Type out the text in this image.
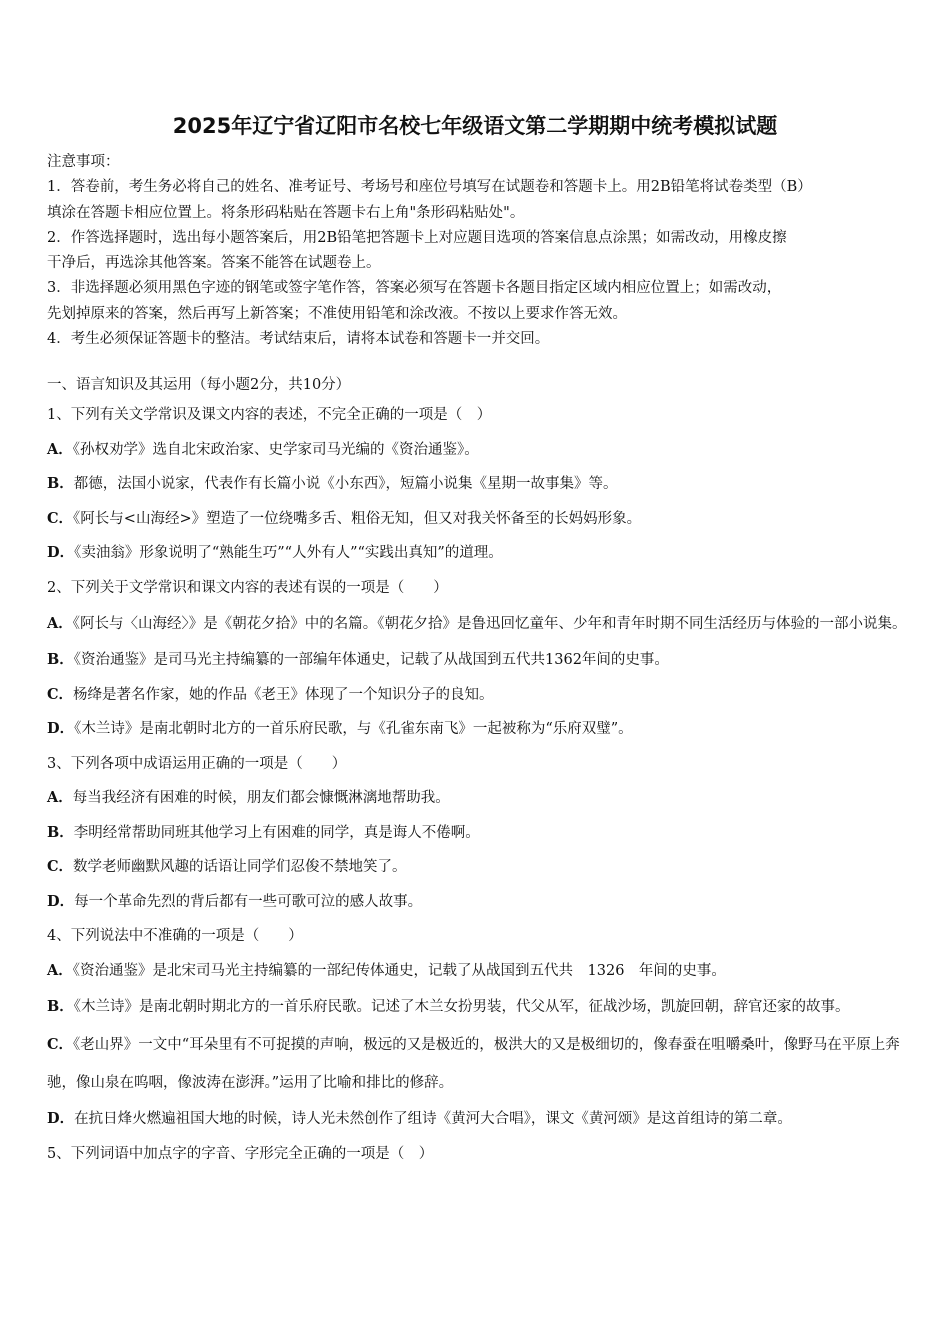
2025年辽宁省辽阳市名校七年级语文第二学期期中统考模拟试题
注意事项：
1．答卷前，考生务必将自己的姓名、准考证号、考场号和座位号填写在试题卷和答题卡上。用2B铅笔将试卷类型（B）
填涂在答题卡相应位置上。将条形码粘贴在答题卡右上角"条形码粘贴处"。
2．作答选择题时，选出每小题答案后，用2B铅笔把答题卡上对应题目选项的答案信息点涂黑；如需改动，用橡皮擦
干净后，再选涂其他答案。答案不能答在试题卷上。
3．非选择题必须用黑色字迹的钢笔或签字笔作答，答案必须写在答题卡各题目指定区域内相应位置上；如需改动，
先划掉原来的答案，然后再写上新答案；不准使用铅笔和涂改液。不按以上要求作答无效。
4．考生必须保证答题卡的整洁。考试结束后，请将本试卷和答题卡一并交回。
一、语言知识及其运用（每小题2分，共10分）
1、下列有关文学常识及课文内容的表述，不完全正确的一项是（　）
A．《孙权劝学》选自北宋政治家、史学家司马光编的《资治通鉴》。
B．都德，法国小说家，代表作有长篇小说《小东西》，短篇小说集《星期一故事集》等。
C．《阿长与<山海经>》塑造了一位绕嘴多舌、粗俗无知，但又对我关怀备至的长妈妈形象。
D．《卖油翁》形象说明了“熟能生巧”“人外有人”“实践出真知”的道理。
2、下列关于文学常识和课文内容的表述有误的一项是（　　）
A．《阿长与〈山海经〉》是《朝花夕拾》中的名篇。《朝花夕拾》是鲁迅回忆童年、少年和青年时期不同生活经历与体验的一部小说集。
B．《资治通鉴》是司马光主持编纂的一部编年体通史，记载了从战国到五代共1362年间的史事。
C．杨绛是著名作家，她的作品《老王》体现了一个知识分子的良知。
D．《木兰诗》是南北朝时北方的一首乐府民歌，与《孔雀东南飞》一起被称为“乐府双璧”。
3、下列各项中成语运用正确的一项是（　　）
A．每当我经济有困难的时候，朋友们都会慷慨淋漓地帮助我。
B．李明经常帮助同班其他学习上有困难的同学，真是诲人不倦啊。
C．数学老师幽默风趣的话语让同学们忍俊不禁地笑了。
D．每一个革命先烈的背后都有一些可歌可泣的感人故事。
4、下列说法中不准确的一项是（　　）
A．《资治通鉴》是北宋司马光主持编纂的一部纪传体通史，记载了从战国到五代共　1326　年间的史事。
B．《木兰诗》是南北朝时期北方的一首乐府民歌。记述了木兰女扮男装，代父从军，征战沙场，凯旋回朝，辞官还家的故事。
C．《老山界》一文中“耳朵里有不可捉摸的声响，极远的又是极近的，极洪大的又是极细切的，像春蚕在咀嚼桑叶，像野马在平原上奔驰，像山泉在呜咽，像波涛在澎湃。”运用了比喻和排比的修辞。
D．在抗日烽火燃遍祖国大地的时候，诗人光未然创作了组诗《黄河大合唱》，课文《黄河颂》是这首组诗的第二章。
5、下列词语中加点字的字音、字形完全正确的一项是（　）
